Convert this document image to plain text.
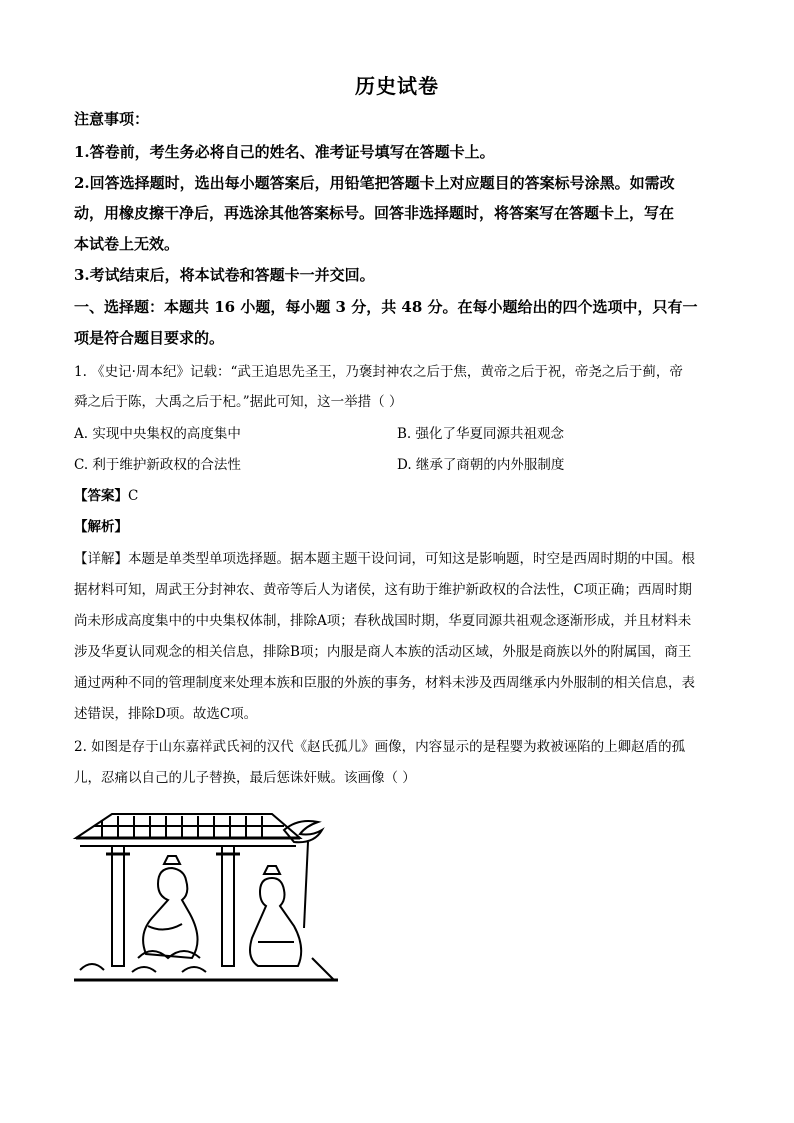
历史试卷
注意事项：
1.答卷前，考生务必将自己的姓名、准考证号填写在答题卡上。
2.回答选择题时，选出每小题答案后，用铅笔把答题卡上对应题目的答案标号涂黑。如需改
动，用橡皮擦干净后，再选涂其他答案标号。回答非选择题时，将答案写在答题卡上，写在
本试卷上无效。
3.考试结束后，将本试卷和答题卡一并交回。
一、选择题：本题共 16 小题，每小题 3 分，共 48 分。在每小题给出的四个选项中，只有一
项是符合题目要求的。
1. 《史记·周本纪》记载：“武王追思先圣王，乃褒封神农之后于焦，黄帝之后于祝，帝尧之后于蓟，帝
舜之后于陈，大禹之后于杞。”据此可知，这一举措（ ）
A. 实现中央集权的高度集中	B. 强化了华夏同源共祖观念
C. 利于维护新政权的合法性	D. 继承了商朝的内外服制度
【答案】C
【解析】
【详解】本题是单类型单项选择题。据本题主题干设问词，可知这是影响题，时空是西周时期的中国。根
据材料可知，周武王分封神农、黄帝等后人为诸侯，这有助于维护新政权的合法性，C项正确；西周时期
尚未形成高度集中的中央集权体制，排除A项；春秋战国时期，华夏同源共祖观念逐渐形成，并且材料未
涉及华夏认同观念的相关信息，排除B项；内服是商人本族的活动区域，外服是商族以外的附属国，商王
通过两种不同的管理制度来处理本族和臣服的外族的事务，材料未涉及西周继承内外服制的相关信息，表
述错误，排除D项。故选C项。
2. 如图是存于山东嘉祥武氏祠的汉代《赵氏孤儿》画像，内容显示的是程婴为救被诬陷的上卿赵盾的孤
儿，忍痛以自己的儿子替换，最后惩诛奸贼。该画像（ ）
